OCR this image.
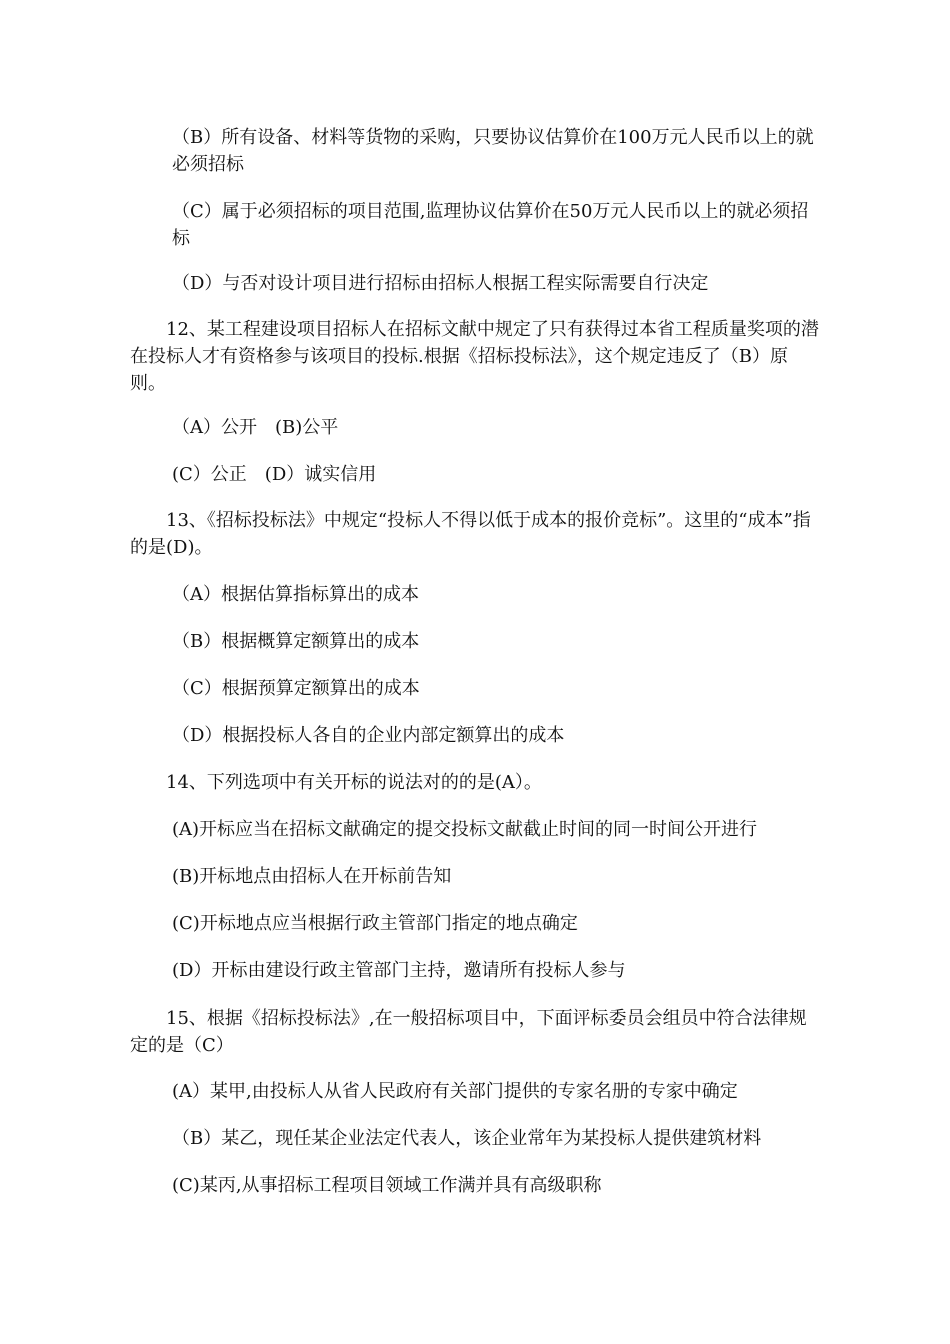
（B）所有设备、材料等货物的采购，只要协议估算价在100万元人民币以上的就必须招标

（C）属于必须招标的项目范围,监理协议估算价在50万元人民币以上的就必须招标

（D）与否对设计项目进行招标由招标人根据工程实际需要自行决定

12、某工程建设项目招标人在招标文献中规定了只有获得过本省工程质量奖项的潜在投标人才有资格参与该项目的投标.根据《招标投标法》，这个规定违反了（B）原则。

（A）公开　(B)公平

(C）公正　(D）诚实信用

13、《招标投标法》中规定“投标人不得以低于成本的报价竞标”。这里的“成本”指的是(D)。

（A）根据估算指标算出的成本

（B）根据概算定额算出的成本

（C）根据预算定额算出的成本

（D）根据投标人各自的企业内部定额算出的成本

14、下列选项中有关开标的说法对的的是(A）。

(A)开标应当在招标文献确定的提交投标文献截止时间的同一时间公开进行

(B)开标地点由招标人在开标前告知

(C)开标地点应当根据行政主管部门指定的地点确定

(D）开标由建设行政主管部门主持，邀请所有投标人参与

15、根据《招标投标法》,在一般招标项目中，下面评标委员会组员中符合法律规定的是（C）

(A）某甲,由投标人从省人民政府有关部门提供的专家名册的专家中确定

（B）某乙，现任某企业法定代表人，该企业常年为某投标人提供建筑材料

(C)某丙,从事招标工程项目领域工作满并具有高级职称
